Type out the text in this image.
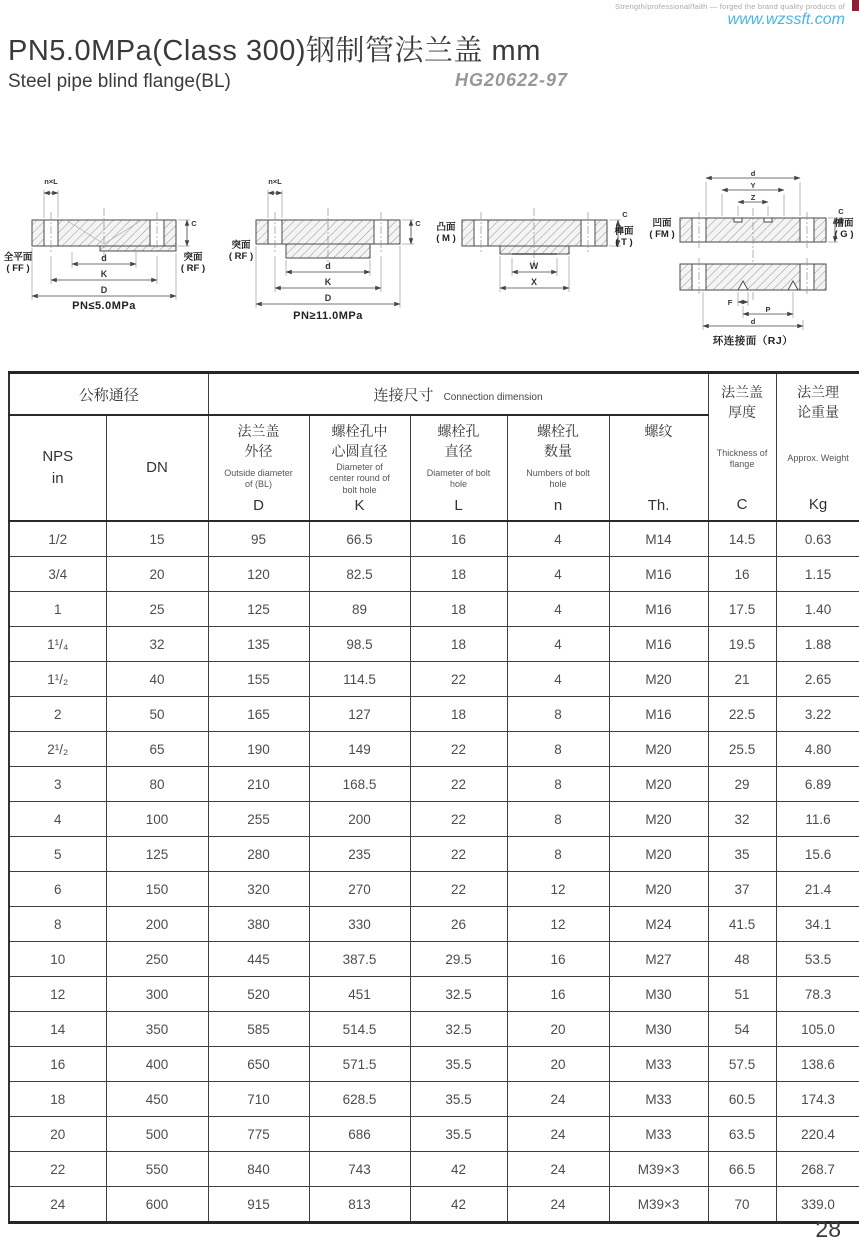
Strength/professional/faith — forged the brand quality products of
www.wzssft.com
PN5.0MPa(Class 300)钢制管法兰盖 mm
Steel pipe blind flange(BL)	HG20622-97
n×L
d
K
D
C
全平面
( FF )
突面
( RF )
PN≤5.0MPa
n×L
d
K
D
C
突面
( RF )
PN≥11.0MPa
W
X
C
凸面
( M )
榫面
( T )
d
Y
Z
凹面
( FM )
槽面
( G )
C
F
P
d
环连接面（RJ）
公称通径	连接尺寸 Connection dimension	法兰盖
厚度
Thickness of flange
C

法兰理
论重量
Approx. Weight
Kg

NPS
in

DN

法兰盖
外径
Outside diameter of (BL)
D

螺栓孔中
心圆直径
Diameter of center round of bolt hole
K

螺栓孔
直径
Diameter of bolt hole
L

螺栓孔
数量
Numbers of bolt hole
n

螺纹
Th.

1/2	15	95	66.5	16	4	M14	14.5	0.63
3/4	20	120	82.5	18	4	M16	16	1.15
1	25	125	89	18	4	M16	17.5	1.40
1¹/₄	32	135	98.5	18	4	M16	19.5	1.88
1¹/₂	40	155	114.5	22	4	M20	21	2.65
2	50	165	127	18	8	M16	22.5	3.22
2¹/₂	65	190	149	22	8	M20	25.5	4.80
3	80	210	168.5	22	8	M20	29	6.89
4	100	255	200	22	8	M20	32	11.6
5	125	280	235	22	8	M20	35	15.6
6	150	320	270	22	12	M20	37	21.4
8	200	380	330	26	12	M24	41.5	34.1
10	250	445	387.5	29.5	16	M27	48	53.5
12	300	520	451	32.5	16	M30	51	78.3
14	350	585	514.5	32.5	20	M30	54	105.0
16	400	650	571.5	35.5	20	M33	57.5	138.6
18	450	710	628.5	35.5	24	M33	60.5	174.3
20	500	775	686	35.5	24	M33	63.5	220.4
22	550	840	743	42	24	M39×3	66.5	268.7
24	600	915	813	42	24	M39×3	70	339.0
28
